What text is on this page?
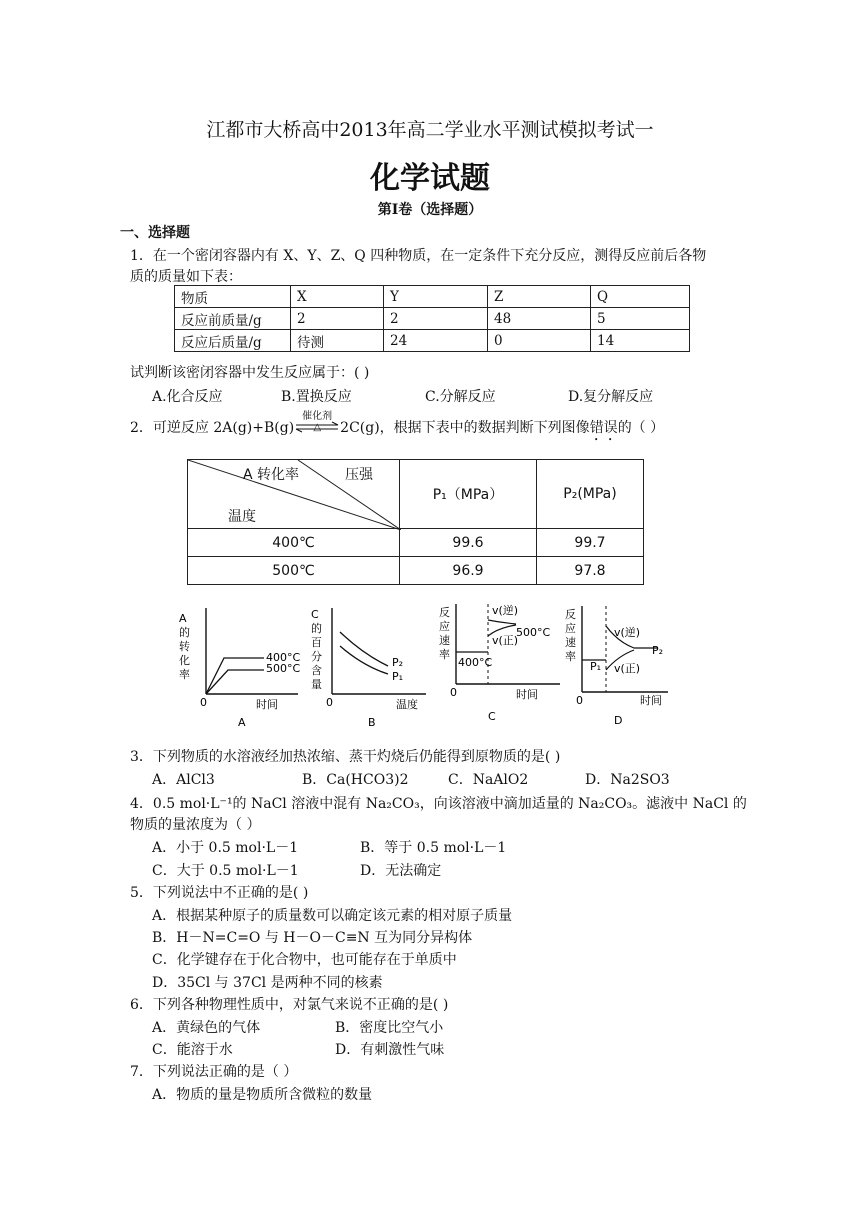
江都市大桥高中2013年高二学业水平测试模拟考试一
化学试题
第Ⅰ卷（选择题）
一、选择题
1．在一个密闭容器内有 X、Y、Z、Q 四种物质，在一定条件下充分反应，测得反应前后各物
质的质量如下表：
物质	X	Y	Z	Q
反应前质量/g	2	2	48	5
反应后质量/g	待测	24	0	14
试判断该密闭容器中发生反应属于：( )
A.化合反应	B.置换反应	C.分解反应	D.复分解反应
2．可逆反应 2A(g)+B(g)
催化剂
△	2C(g)，根据下表中的数据判断下列图像错误的（ ）
A 转化率 压强
温度	P₁（MPa）	P₂(MPa)
400℃	99.6	99.7
500℃	96.9	97.8
400°C
500°C
A
的
转
化
率
0	时间
A
P₂
P₁
C
的
百
分
含
量
0	温度
B
v(逆)
v(正)
500°C
400°C
反
应
速
率
0	时间
C
v(逆)
v(正)
P₂
P₁
反
应
速
率
0	时间
D
3．下列物质的水溶液经加热浓缩、蒸干灼烧后仍能得到原物质的是( )
A．AlCl3	B．Ca(HCO3)2	C．NaAlO2	D．Na2SO3
4．0.5 mol·L⁻¹的 NaCl 溶液中混有 Na₂CO₃，向该溶液中滴加适量的 Na₂CO₃。滤液中 NaCl 的
物质的量浓度为（ ）
A．小于 0.5 mol·L－1	B．等于 0.5 mol·L－1
C．大于 0.5 mol·L－1	D．无法确定
5．下列说法中不正确的是( )
A．根据某种原子的质量数可以确定该元素的相对原子质量
B．H－N=C=O 与 H－O－C≡N 互为同分异构体
C．化学键存在于化合物中，也可能存在于单质中
D．35Cl 与 37Cl 是两种不同的核素
6．下列各种物理性质中，对氯气来说不正确的是( )
A．黄绿色的气体	B．密度比空气小
C．能溶于水	D．有刺激性气味
7．下列说法正确的是（ ）
A．物质的量是物质所含微粒的数量
